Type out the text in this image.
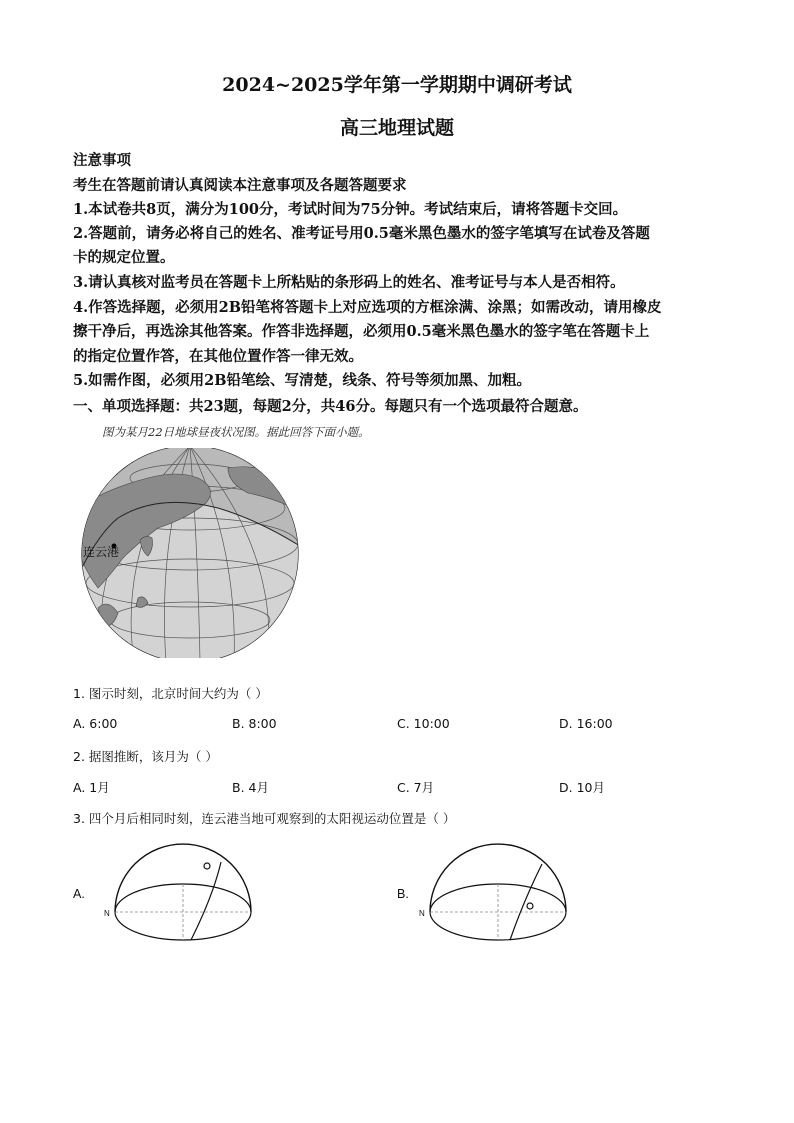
2024~2025学年第一学期期中调研考试
高三地理试题
注意事项
考生在答题前请认真阅读本注意事项及各题答题要求
1.本试卷共8页，满分为100分，考试时间为75分钟。考试结束后，请将答题卡交回。
2.答题前，请务必将自己的姓名、准考证号用0.5毫米黑色墨水的签字笔填写在试卷及答题
卡的规定位置。
3.请认真核对监考员在答题卡上所粘贴的条形码上的姓名、准考证号与本人是否相符。
4.作答选择题，必须用2B铅笔将答题卡上对应选项的方框涂满、涂黑；如需改动，请用橡皮
擦干净后，再选涂其他答案。作答非选择题，必须用0.5毫米黑色墨水的签字笔在答题卡上
的指定位置作答，在其他位置作答一律无效。
5.如需作图，必须用2B铅笔绘、写清楚，线条、符号等须加黑、加粗。
一、单项选择题：共23题，每题2分，共46分。每题只有一个选项最符合题意。
图为某月22日地球昼夜状况图。据此回答下面小题。
连云港
1. 图示时刻，北京时间大约为（ ）
A. 6:00	B. 8:00	C. 10:00	D. 16:00
2. 据图推断，该月为（ ）
A. 1月	B. 4月	C. 7月	D. 10月
3. 四个月后相同时刻，连云港当地可观察到的太阳视运动位置是（ ）
A.
N
B.
N
